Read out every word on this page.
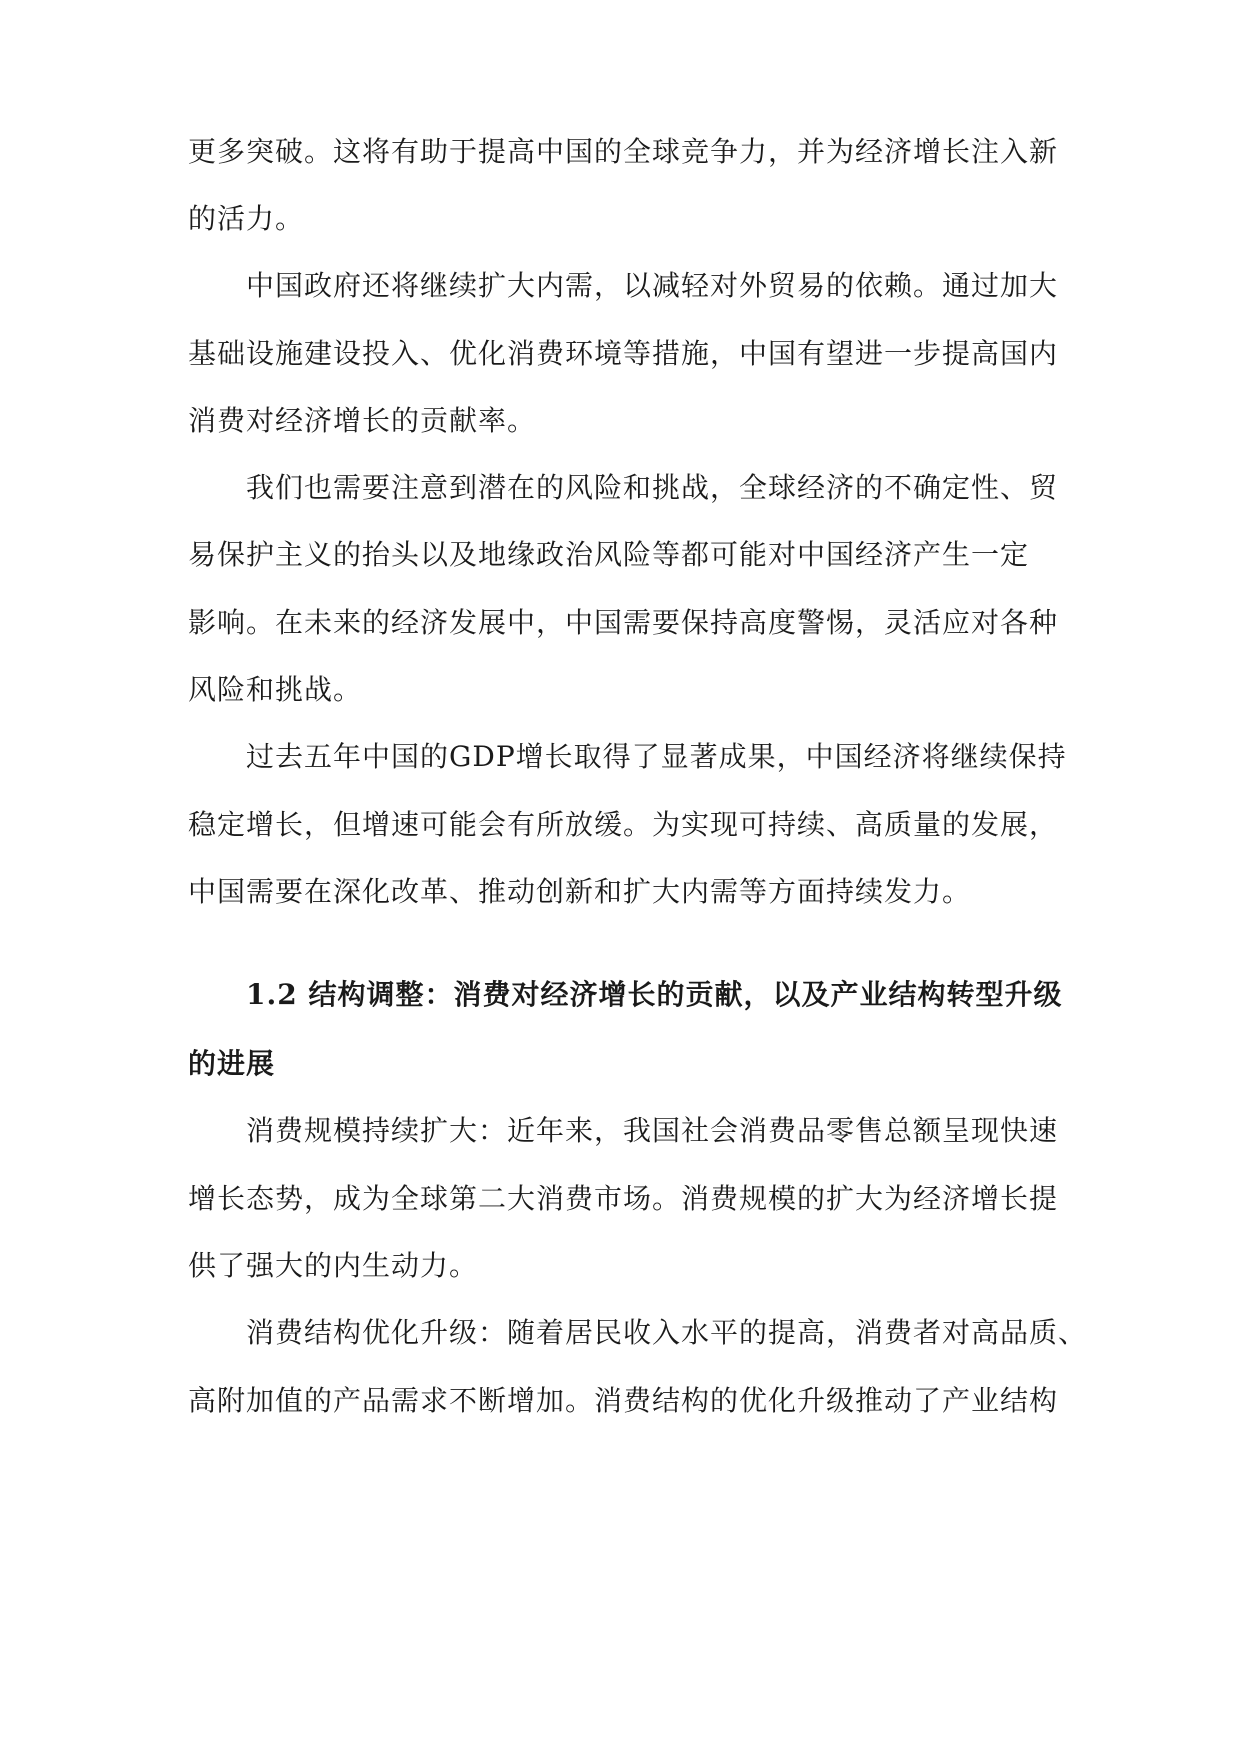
更多突破。这将有助于提高中国的全球竞争力，并为经济增长注入新
的活力。
中国政府还将继续扩大内需，以减轻对外贸易的依赖。通过加大
基础设施建设投入、优化消费环境等措施，中国有望进一步提高国内
消费对经济增长的贡献率。
我们也需要注意到潜在的风险和挑战，全球经济的不确定性、贸
易保护主义的抬头以及地缘政治风险等都可能对中国经济产生一定
影响。在未来的经济发展中，中国需要保持高度警惕，灵活应对各种
风险和挑战。
过去五年中国的GDP增长取得了显著成果，中国经济将继续保持
稳定增长，但增速可能会有所放缓。为实现可持续、高质量的发展，
中国需要在深化改革、推动创新和扩大内需等方面持续发力。
1.2 结构调整：消费对经济增长的贡献，以及产业结构转型升级
的进展
消费规模持续扩大：近年来，我国社会消费品零售总额呈现快速
增长态势，成为全球第二大消费市场。消费规模的扩大为经济增长提
供了强大的内生动力。
消费结构优化升级：随着居民收入水平的提高，消费者对高品质、
高附加值的产品需求不断增加。消费结构的优化升级推动了产业结构
